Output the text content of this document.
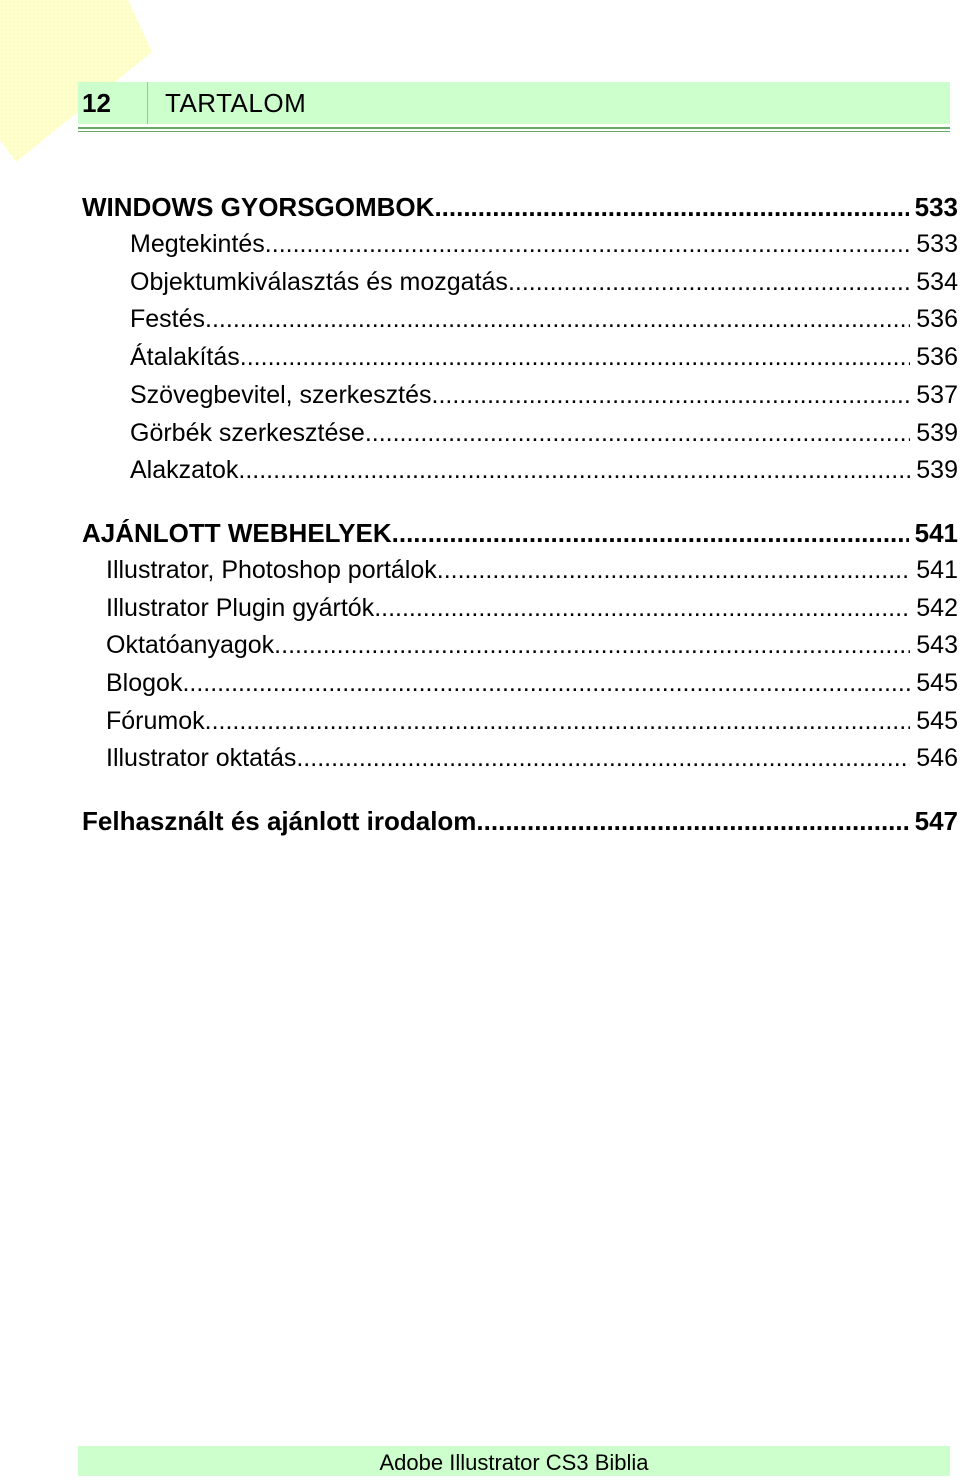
12	TARTALOM
WINDOWS GYORSGOMBOK .....	533
Megtekintés .....	533
Objektumkiválasztás és mozgatás .....	534
Festés .....	536
Átalakítás .....	536
Szövegbevitel, szerkesztés .....	537
Görbék szerkesztése .....	539
Alakzatok .....	539
AJÁNLOTT WEBHELYEK .....	541
Illustrator, Photoshop portálok .....	541
Illustrator Plugin gyártók .....	542
Oktatóanyagok .....	543
Blogok .....	545
Fórumok .....	545
Illustrator oktatás .....	546
Felhasznált és ajánlott irodalom .....	547
Adobe Illustrator CS3 Biblia
